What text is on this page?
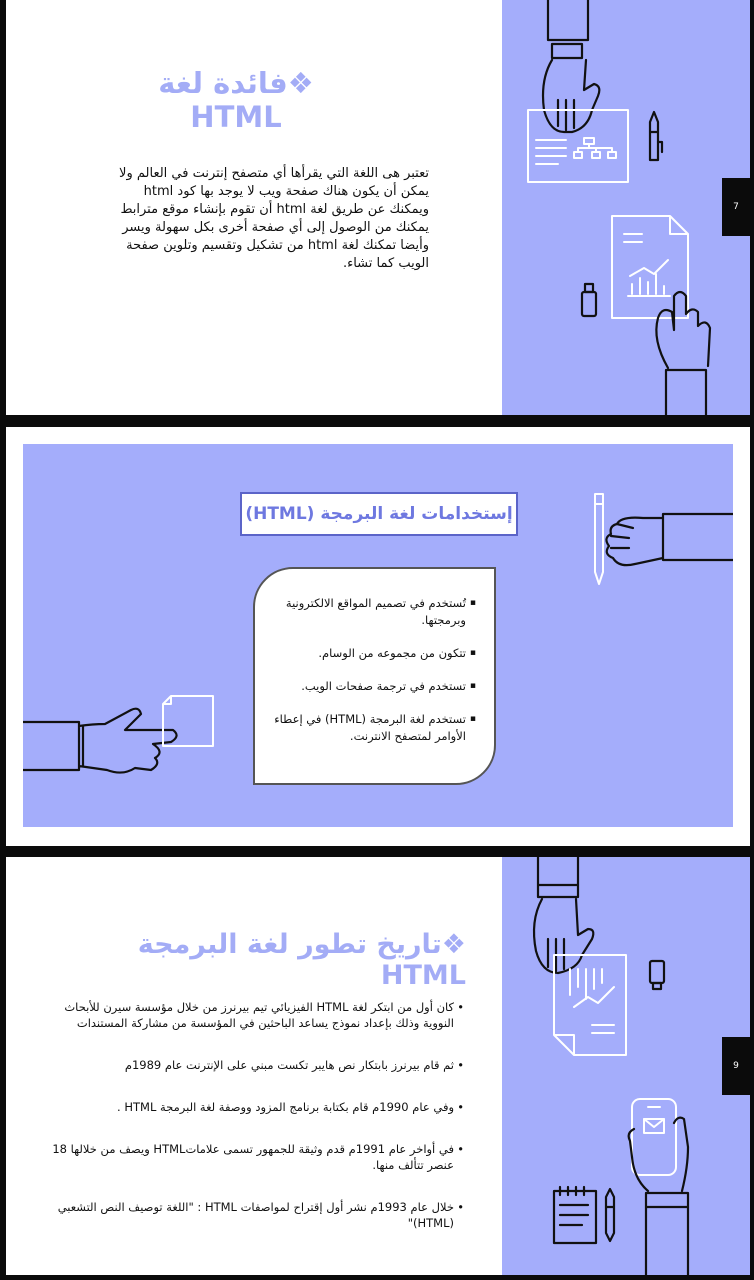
❖فائدة لغة HTML

تعتبر هى اللغة التي يقرأها أي متصفح إنترنت في العالم ولا يمكن أن يكون هناك صفحة ويب لا يوجد بها كود html ويمكنك عن طريق لغة html أن تقوم بإنشاء موقع مترابط يمكنك من الوصول إلى أي صفحة أخرى بكل سهولة ويسر وأيضا تمكنك لغة html من تشكيل وتقسيم وتلوين صفحة الويب كما تشاء.

7
إستخدامات لغة البرمجة (HTML)
▪ تُستخدم في تصميم المواقع الالكترونية وبرمجتها.
▪ تتكون من مجموعه من الوسام.
▪ تستخدم في ترجمة صفحات الويب.
▪ تستخدم لغة البرمجة (HTML) في إعطاء الأوامر لمتصفح الانترنت.
❖تاريخ تطور لغة البرمجة HTML
• كان أول من ابتكر لغة HTML الفيزيائي تيم بيرنرز من خلال مؤسسة سيرن للأبحاث النووية وذلك بإعداد نموذج يساعد الباحثين في المؤسسة من مشاركة المستندات
• ثم قام بيرنرز بابتكار نص هايبر تكست مبني على الإنترنت عام 1989م
• وفي عام 1990م قام بكتابة برنامج المزود ووصفة لغة البرمجة HTML .
• في أواخر عام 1991م قدم وثيقة للجمهور تسمى علاماتHTML ويصف من خلالها 18 عنصر تتألف منها.
• خلال عام 1993م نشر أول إقتراح لمواصفات HTML : "اللغة توصيف النص التشعبي (HTML)"
9
